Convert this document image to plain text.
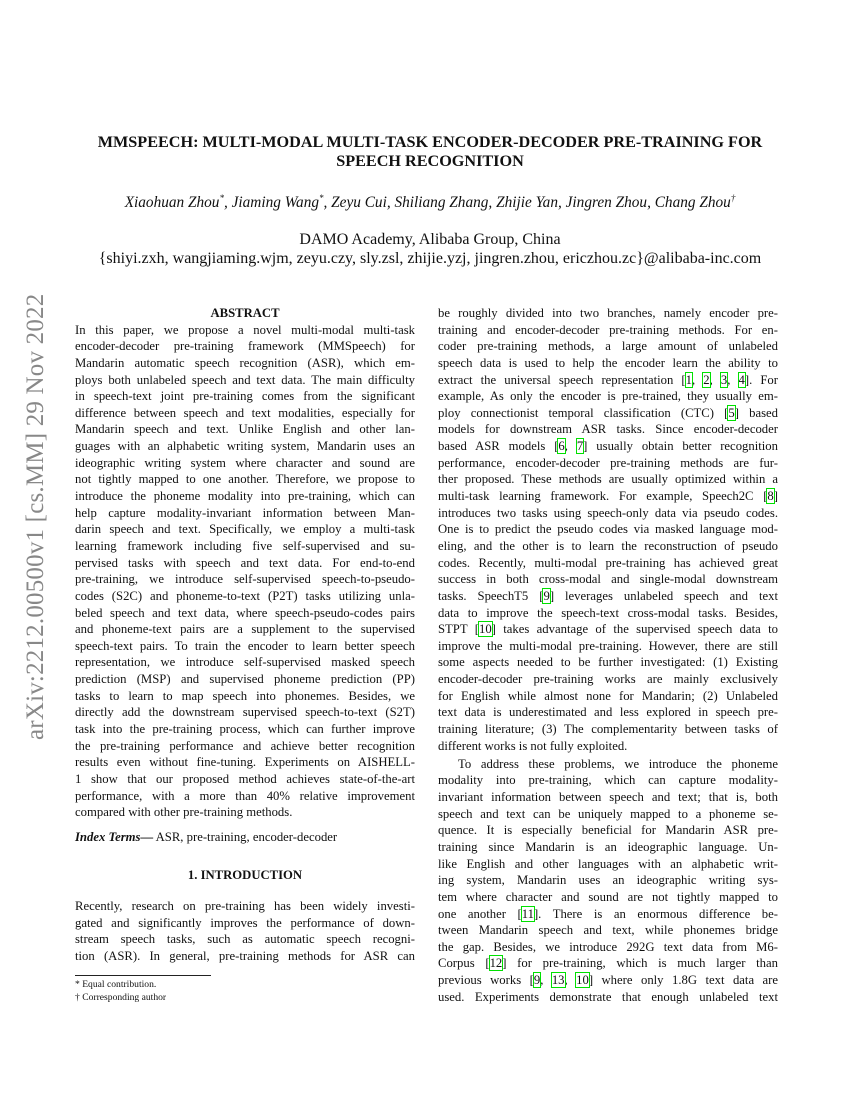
MMSPEECH: MULTI-MODAL MULTI-TASK ENCODER-DECODER PRE-TRAINING FOR
SPEECH RECOGNITION
Xiaohuan Zhou*, Jiaming Wang*, Zeyu Cui, Shiliang Zhang, Zhijie Yan, Jingren Zhou, Chang Zhou†
DAMO Academy, Alibaba Group, China
{shiyi.zxh, wangjiaming.wjm, zeyu.czy, sly.zsl, zhijie.yzj, jingren.zhou, ericzhou.zc}@alibaba-inc.com
arXiv:2212.00500v1 [cs.MM] 29 Nov 2022	ABSTRACT
In this paper, we propose a novel multi-modal multi-task
encoder-decoder pre-training framework (MMSpeech) for
Mandarin automatic speech recognition (ASR), which em-
ploys both unlabeled speech and text data. The main difficulty
in speech-text joint pre-training comes from the significant
difference between speech and text modalities, especially for
Mandarin speech and text. Unlike English and other lan-
guages with an alphabetic writing system, Mandarin uses an
ideographic writing system where character and sound are
not tightly mapped to one another. Therefore, we propose to
introduce the phoneme modality into pre-training, which can
help capture modality-invariant information between Man-
darin speech and text. Specifically, we employ a multi-task
learning framework including five self-supervised and su-
pervised tasks with speech and text data. For end-to-end
pre-training, we introduce self-supervised speech-to-pseudo-
codes (S2C) and phoneme-to-text (P2T) tasks utilizing unla-
beled speech and text data, where speech-pseudo-codes pairs
and phoneme-text pairs are a supplement to the supervised
speech-text pairs. To train the encoder to learn better speech
representation, we introduce self-supervised masked speech
prediction (MSP) and supervised phoneme prediction (PP)
tasks to learn to map speech into phonemes. Besides, we
directly add the downstream supervised speech-to-text (S2T)
task into the pre-training process, which can further improve
the pre-training performance and achieve better recognition
results even without fine-tuning. Experiments on AISHELL-
1 show that our proposed method achieves state-of-the-art
performance, with a more than 40% relative improvement
compared with other pre-training methods.
Index Terms— ASR, pre-training, encoder-decoder
1. INTRODUCTION
Recently, research on pre-training has been widely investi-
gated and significantly improves the performance of down-
stream speech tasks, such as automatic speech recogni-
tion (ASR). In general, pre-training methods for ASR can
* Equal contribution.
† Corresponding author
be roughly divided into two branches, namely encoder pre-
training and encoder-decoder pre-training methods. For en-
coder pre-training methods, a large amount of unlabeled
speech data is used to help the encoder learn the ability to
extract the universal speech representation [1, 2, 3, 4]. For
example, As only the encoder is pre-trained, they usually em-
ploy connectionist temporal classification (CTC) [5] based
models for downstream ASR tasks. Since encoder-decoder
based ASR models [6, 7] usually obtain better recognition
performance, encoder-decoder pre-training methods are fur-
ther proposed. These methods are usually optimized within a
multi-task learning framework. For example, Speech2C [8]
introduces two tasks using speech-only data via pseudo codes.
One is to predict the pseudo codes via masked language mod-
eling, and the other is to learn the reconstruction of pseudo
codes. Recently, multi-modal pre-training has achieved great
success in both cross-modal and single-modal downstream
tasks. SpeechT5 [9] leverages unlabeled speech and text
data to improve the speech-text cross-modal tasks. Besides,
STPT [10] takes advantage of the supervised speech data to
improve the multi-modal pre-training. However, there are still
some aspects needed to be further investigated: (1) Existing
encoder-decoder pre-training works are mainly exclusively
for English while almost none for Mandarin; (2) Unlabeled
text data is underestimated and less explored in speech pre-
training literature; (3) The complementarity between tasks of
different works is not fully exploited.
To address these problems, we introduce the phoneme
modality into pre-training, which can capture modality-
invariant information between speech and text; that is, both
speech and text can be uniquely mapped to a phoneme se-
quence. It is especially beneficial for Mandarin ASR pre-
training since Mandarin is an ideographic language. Un-
like English and other languages with an alphabetic writ-
ing system, Mandarin uses an ideographic writing sys-
tem where character and sound are not tightly mapped to
one another [11]. There is an enormous difference be-
tween Mandarin speech and text, while phonemes bridge
the gap. Besides, we introduce 292G text data from M6-
Corpus [12] for pre-training, which is much larger than
previous works [9, 13, 10] where only 1.8G text data are
used. Experiments demonstrate that enough unlabeled text
